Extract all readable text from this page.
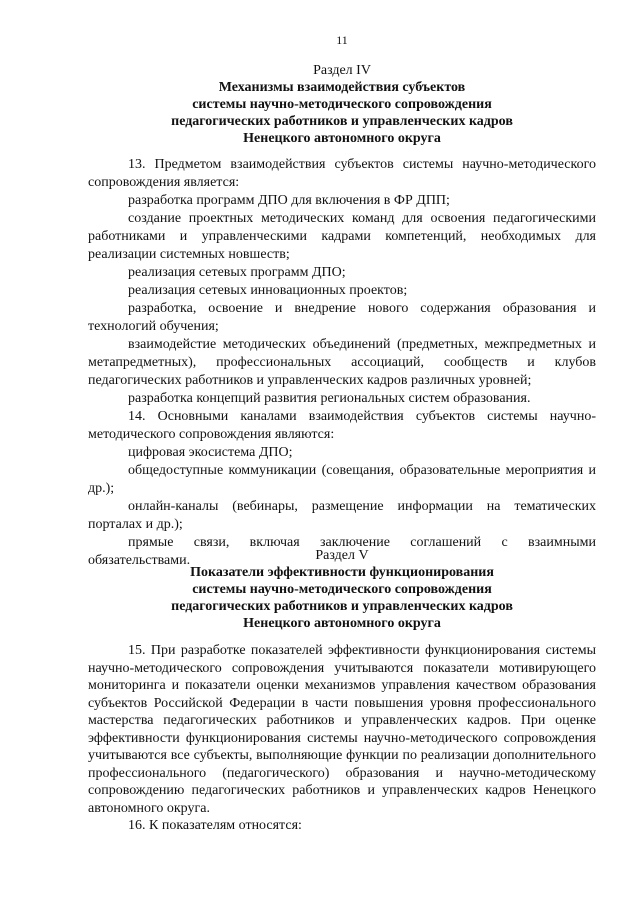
11
Раздел IV
Механизмы взаимодействия субъектов
системы научно-методического сопровождения
педагогических работников и управленческих кадров
Ненецкого автономного округа

13. Предметом взаимодействия субъектов системы научно-методического сопровождения является:

разработка программ ДПО для включения в ФР ДПП;

создание проектных методических команд для освоения педагогическими работниками и управленческими кадрами компетенций, необходимых для реализации системных новшеств;

реализация сетевых программ ДПО;

реализация сетевых инновационных проектов;

разработка, освоение и внедрение нового содержания образования и технологий обучения;

взаимодейстие методических объединений (предметных, межпредметных и метапредметных), профессиональных ассоциаций, сообществ и клубов педагогических работников и управленческих кадров различных уровней;

разработка концепций развития региональных систем образования.

14. Основными каналами взаимодействия субъектов системы научно-методического сопровождения являются:

цифровая экосистема ДПО;

общедоступные коммуникации (совещания, образовательные мероприятия и др.);

онлайн-каналы (вебинары, размещение информации на тематических порталах и др.);

прямые связи, включая заключение соглашений с взаимными обязательствами.	Раздел V
Показатели эффективности функционирования
системы научно-методического сопровождения
педагогических работников и управленческих кадров
Ненецкого автономного округа

15. При разработке показателей эффективности функционирования системы научно-методического сопровождения учитываются показатели мотивирующего мониторинга и показатели оценки механизмов управления качеством образования субъектов Российской Федерации в части повышения уровня профессионального мастерства педагогических работников и управленческих кадров. При оценке эффективности функционирования системы научно-методического сопровождения учитываются все субъекты, выполняющие функции по реализации дополнительного профессионального (педагогического) образования и научно-методическому сопровождению педагогических работников и управленческих кадров Ненецкого автономного округа.

16. К показателям относятся:
